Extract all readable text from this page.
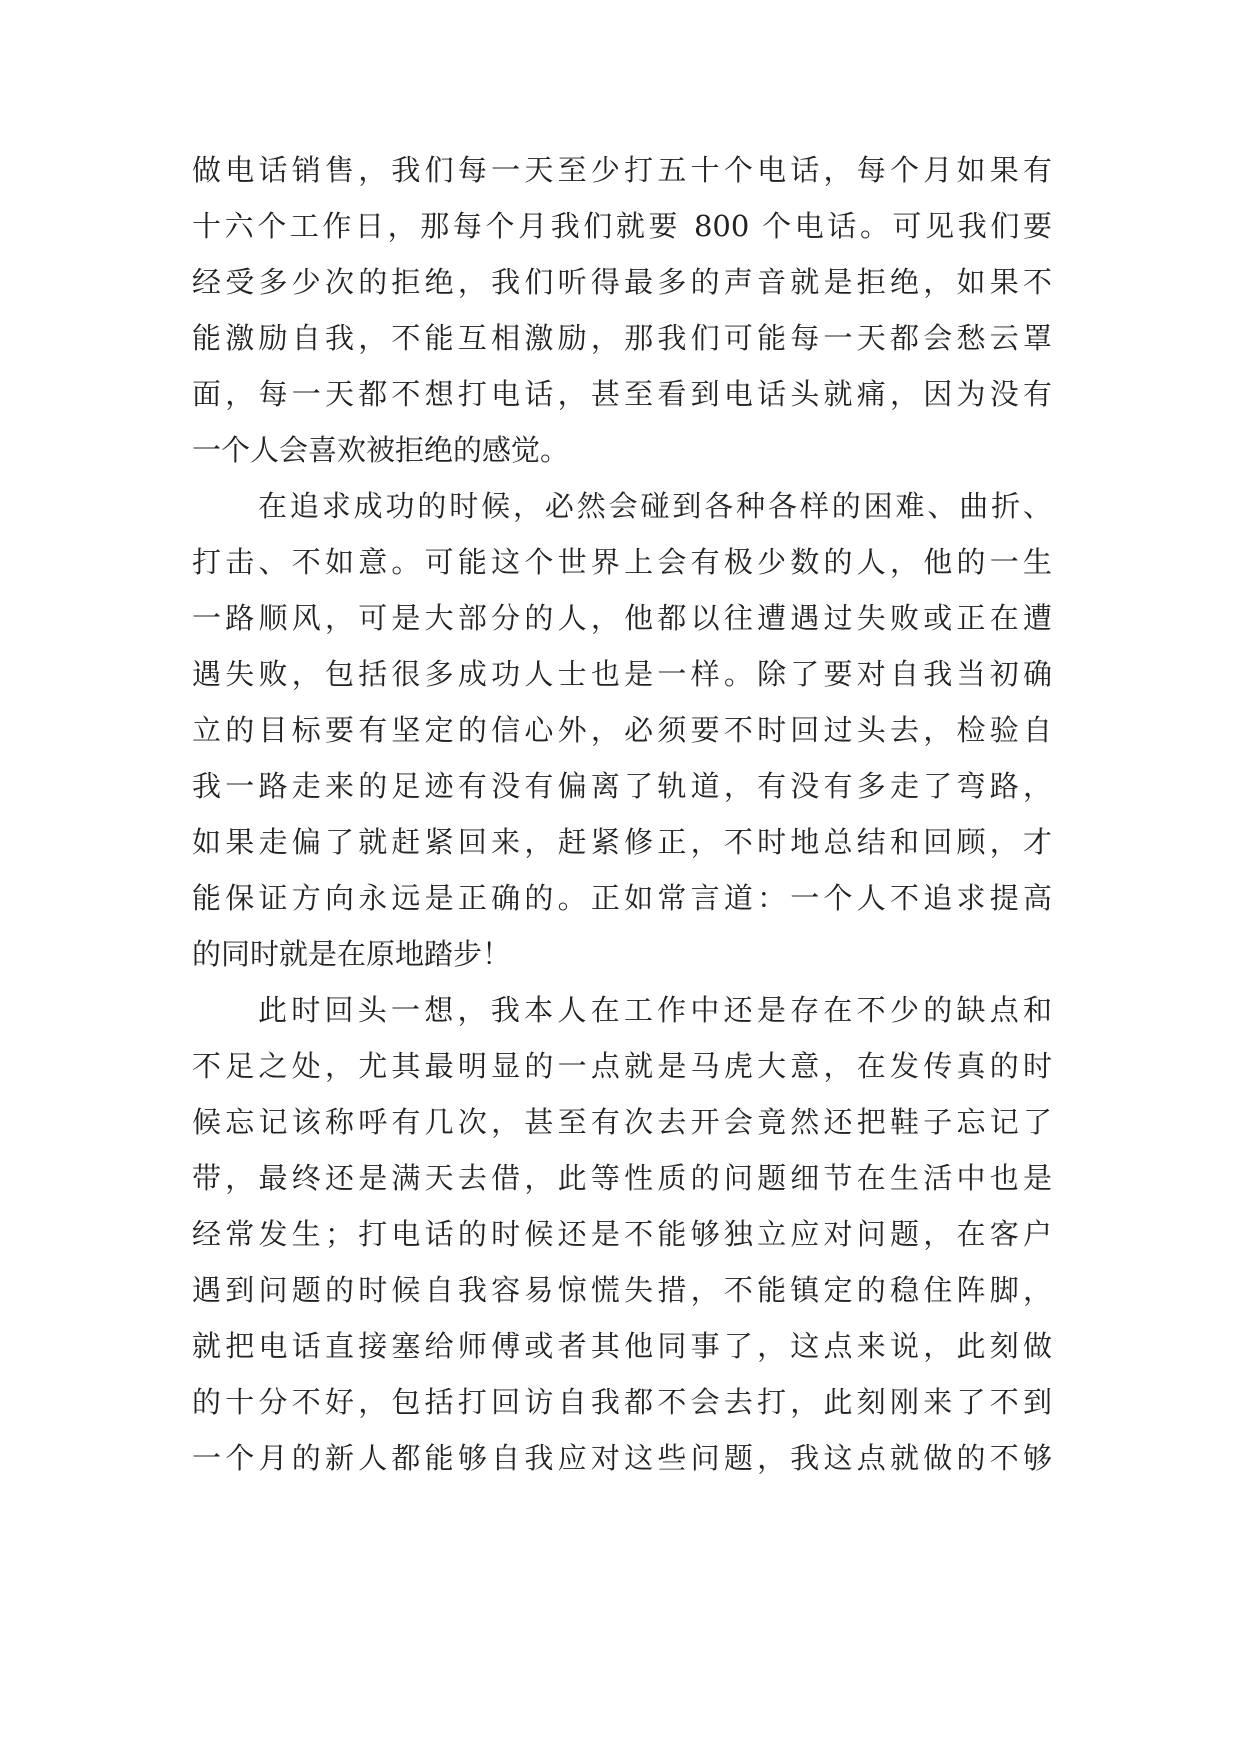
做电话销售，我们每一天至少打五十个电话，每个月如果有
十六个工作日，那每个月我们就要 800 个电话。可见我们要
经受多少次的拒绝，我们听得最多的声音就是拒绝，如果不
能激励自我，不能互相激励，那我们可能每一天都会愁云罩
面，每一天都不想打电话，甚至看到电话头就痛，因为没有
一个人会喜欢被拒绝的感觉。
在追求成功的时候，必然会碰到各种各样的困难、曲折、
打击、不如意。可能这个世界上会有极少数的人，他的一生
一路顺风，可是大部分的人，他都以往遭遇过失败或正在遭
遇失败，包括很多成功人士也是一样。除了要对自我当初确
立的目标要有坚定的信心外，必须要不时回过头去，检验自
我一路走来的足迹有没有偏离了轨道，有没有多走了弯路，
如果走偏了就赶紧回来，赶紧修正，不时地总结和回顾，才
能保证方向永远是正确的。正如常言道：一个人不追求提高
的同时就是在原地踏步！
此时回头一想，我本人在工作中还是存在不少的缺点和
不足之处，尤其最明显的一点就是马虎大意，在发传真的时
候忘记该称呼有几次，甚至有次去开会竟然还把鞋子忘记了
带，最终还是满天去借，此等性质的问题细节在生活中也是
经常发生；打电话的时候还是不能够独立应对问题，在客户
遇到问题的时候自我容易惊慌失措，不能镇定的稳住阵脚，
就把电话直接塞给师傅或者其他同事了，这点来说，此刻做
的十分不好，包括打回访自我都不会去打，此刻刚来了不到
一个月的新人都能够自我应对这些问题，我这点就做的不够
